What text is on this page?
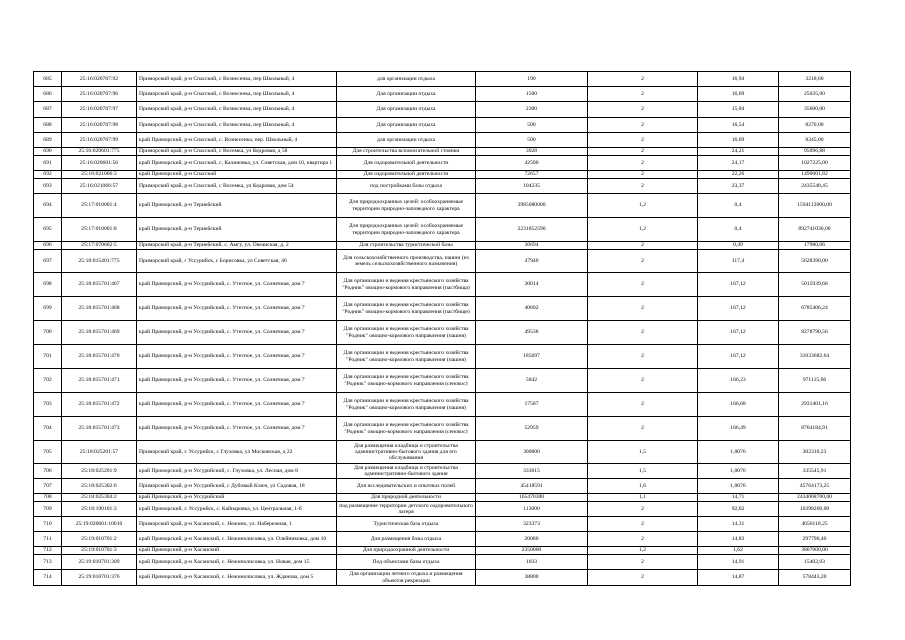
685	25:16:020707:92	Приморский край, р-н Спасский, с Вознесенка, пер Школьный, 4	для организации отдыха	190	2	16,94	3218,60
686	25:16:020707:96	Приморский край, р-н Спасский, с Вознесенка, пер Школьный, 4	Для организации отдыха	1500	2	16,69	25035,00
687	25:16:020707:97	Приморский край, р-н Спасский, с Вознесенка, пер Школьный, 4	Для организации отдыха	2300	2	15,84	35600,00
688	25:16:020707:98	Приморский край, р-н Спасский, с Вознесенка, пер Школьный, 4	Для организации отдыха	500	2	16,54	8270,00
689	25:16:020707:99	край Приморский, р-н Спасский, с. Вознесенка, пер. Школьный, 4	для организации отдыха	500	2	16,69	8345,00
690	25:16:020601:775	Приморский край, р-н Спасский, с Восемка, ул Кедровая, д 58	Для строительства вспомогательной стоянки	3928	2	24,21	95096,88
691	25:16:020601:56	край Приморский, р-н Спасский, с. Калиновка, ул. Советская, дом 10, квартира 1	Для оздоровительной деятельности	42500	2	24,17	1027225,00
692	25:16:021066:3	край Приморский, р-н Спасский	Для оздоровительной деятельности	72657	2	22,26	1490001,82
693	25:16:021066:57	Приморский край, р-н Спасский, с Восемка, ул Кедровая, дом 54	под постройками базы отдыха	104235	2	23,37	2435548,45
694	25:17:010001:4	край Приморский, р-н Тернейский	Для природоохранных целей: особоохраняемые территории природно-заповедного характера	3985080000	1,2	0,4	1594112000,00
695	25:17:010001:8	край Приморский, р-н Тернейский	Для природоохранных целей: особоохраняемые территории природно-заповедного характера	2231852590	1,2	0,4	892741036,00
696	25:17:070602:5	Приморский край, р-н Тернейский, с. Амгу, ул. Океанская, д. 2	Для строительства туристической базы	36694	2	0,49	17980,06
697	25:18:015401:775	Приморский край, г Уссурийск, с Борисовка, ул Советская, 46	Для сельскохозяйственного производства, пашни (из земель сельскохозяйственного назначения)	47940	2	117,4	5628390,00
698	25:18:015701:467	край Приморский, р-н Уссурийский, с. Утесное, ул. Солнечная, дом 7	Для организации и ведения крестьянского хозяйства "Родник" овощно-кормового направления (пастбища)	30014	2	167,12	5015939,68
699	25:18:015701:468	край Приморский, р-н Уссурийский, с. Утесное, ул. Солнечная, дом 7	Для организации и ведения крестьянского хозяйства "Родник" овощно-кормового направления (пастбище)	40602	2	167,12	6785406,24
700	25:18:015701:469	край Приморский, р-н Уссурийский, с. Утесное, ул. Солнечная, дом 7	Для организации и ведения крестьянского хозяйства "Родник" овощно-кормового направления (пашня)	49538	2	167,12	8278790,56
701	25:18:015701:470	край Приморский, р-н Уссурийский, с. Утесное, ул. Солнечная, дом 7	Для организации и ведения крестьянского хозяйства "Родник" овощно-кормового направления (пашня)	185697	2	167,12	31033682,64
702	25:18:015701:471	край Приморский, р-н Уссурийский, с. Утесное, ул. Солнечная, дом 7	Для организации и ведения крестьянского хозяйства "Родник" овощно-кормового направления (сенокос)	5842	2	166,23	971115,66
703	25:18:015701:472	край Приморский, р-н Уссурийский, с. Утесное, ул. Солнечная, дом 7	Для организации и ведения крестьянского хозяйства "Родник" овощно-кормового направления (пашня)	17587	2	166,68	2931401,16
704	25:18:015701:473	край Приморский, р-н Уссурийский, с. Утесное, ул. Солнечная, дом 7	Для организации и ведения крестьянского хозяйства "Родник" овощно-кормового направления (сенокос)	52959	2	166,49	8764184,91
705	25:18:025201:57	Приморский край, г. Уссурийск, с Глуховка, ул Московская, д 22	Для размещения кладбища и строительства административно-бытового здания для его обслуживания	300000	1,5	1,0076	302310,23
706	25:18:025201:9	край Приморский, р-н Уссурийский, с. Глуховка, ул. Лесная, дом 8	Для размещения кладбища и строительства административно-бытового здания	333015	1,5	1,0076	335545,91
707	25:18:025302:6	Приморский край, р-н Уссурийский, с Дубовый Ключ, ул Садовая, 18	Для исследовательских и опытных полей	45418591	1,6	1,0076	45764173,25
708	25:18:025304:2	край Приморский, р-н Уссурийский	Для природной деятельности	165470300	1,1	14,71	2434068700,00
709	25:18:190101:3	край Приморский, г. Уссурийск, с. Кайнаровка, ул. Центральная, 1-б	под размещение территории детского оздоровительного лагеря	113000	2	92,02	10398260,00
710	25:19:020601:10010	Приморский край, р-н Хасанский, с. Нежино, ул. Набережная, 1	Туристическая база отдыха	323373	2	14,31	4656118,25
711	25:19:010701:2	край Приморский, р-н Хасанский, с. Нежинолисовка, ул. Олейниковка, дом 10	Для размещения базы отдыха	20080	2	14,83	297796,40
712	25:19:010701:3	край Приморский, р-н Хасанский	Для природоохранной деятельности	2350000	1,2	1,62	3807000,00
713	25:19:010701:309	край Приморский, р-н Хасанский, с. Нежинолисовка, ул. Новая, дом 15	Под объектами базы отдыха	1033	2	14,91	15402,03
714	25:19:010701:376	край Приморский, р-н Хасанский, с. Нежинолисовка, ул. Жданова, дом 5	Для организации летнего отдыха и размещения объектов рекреации	38800	2	14,87	578443,20
